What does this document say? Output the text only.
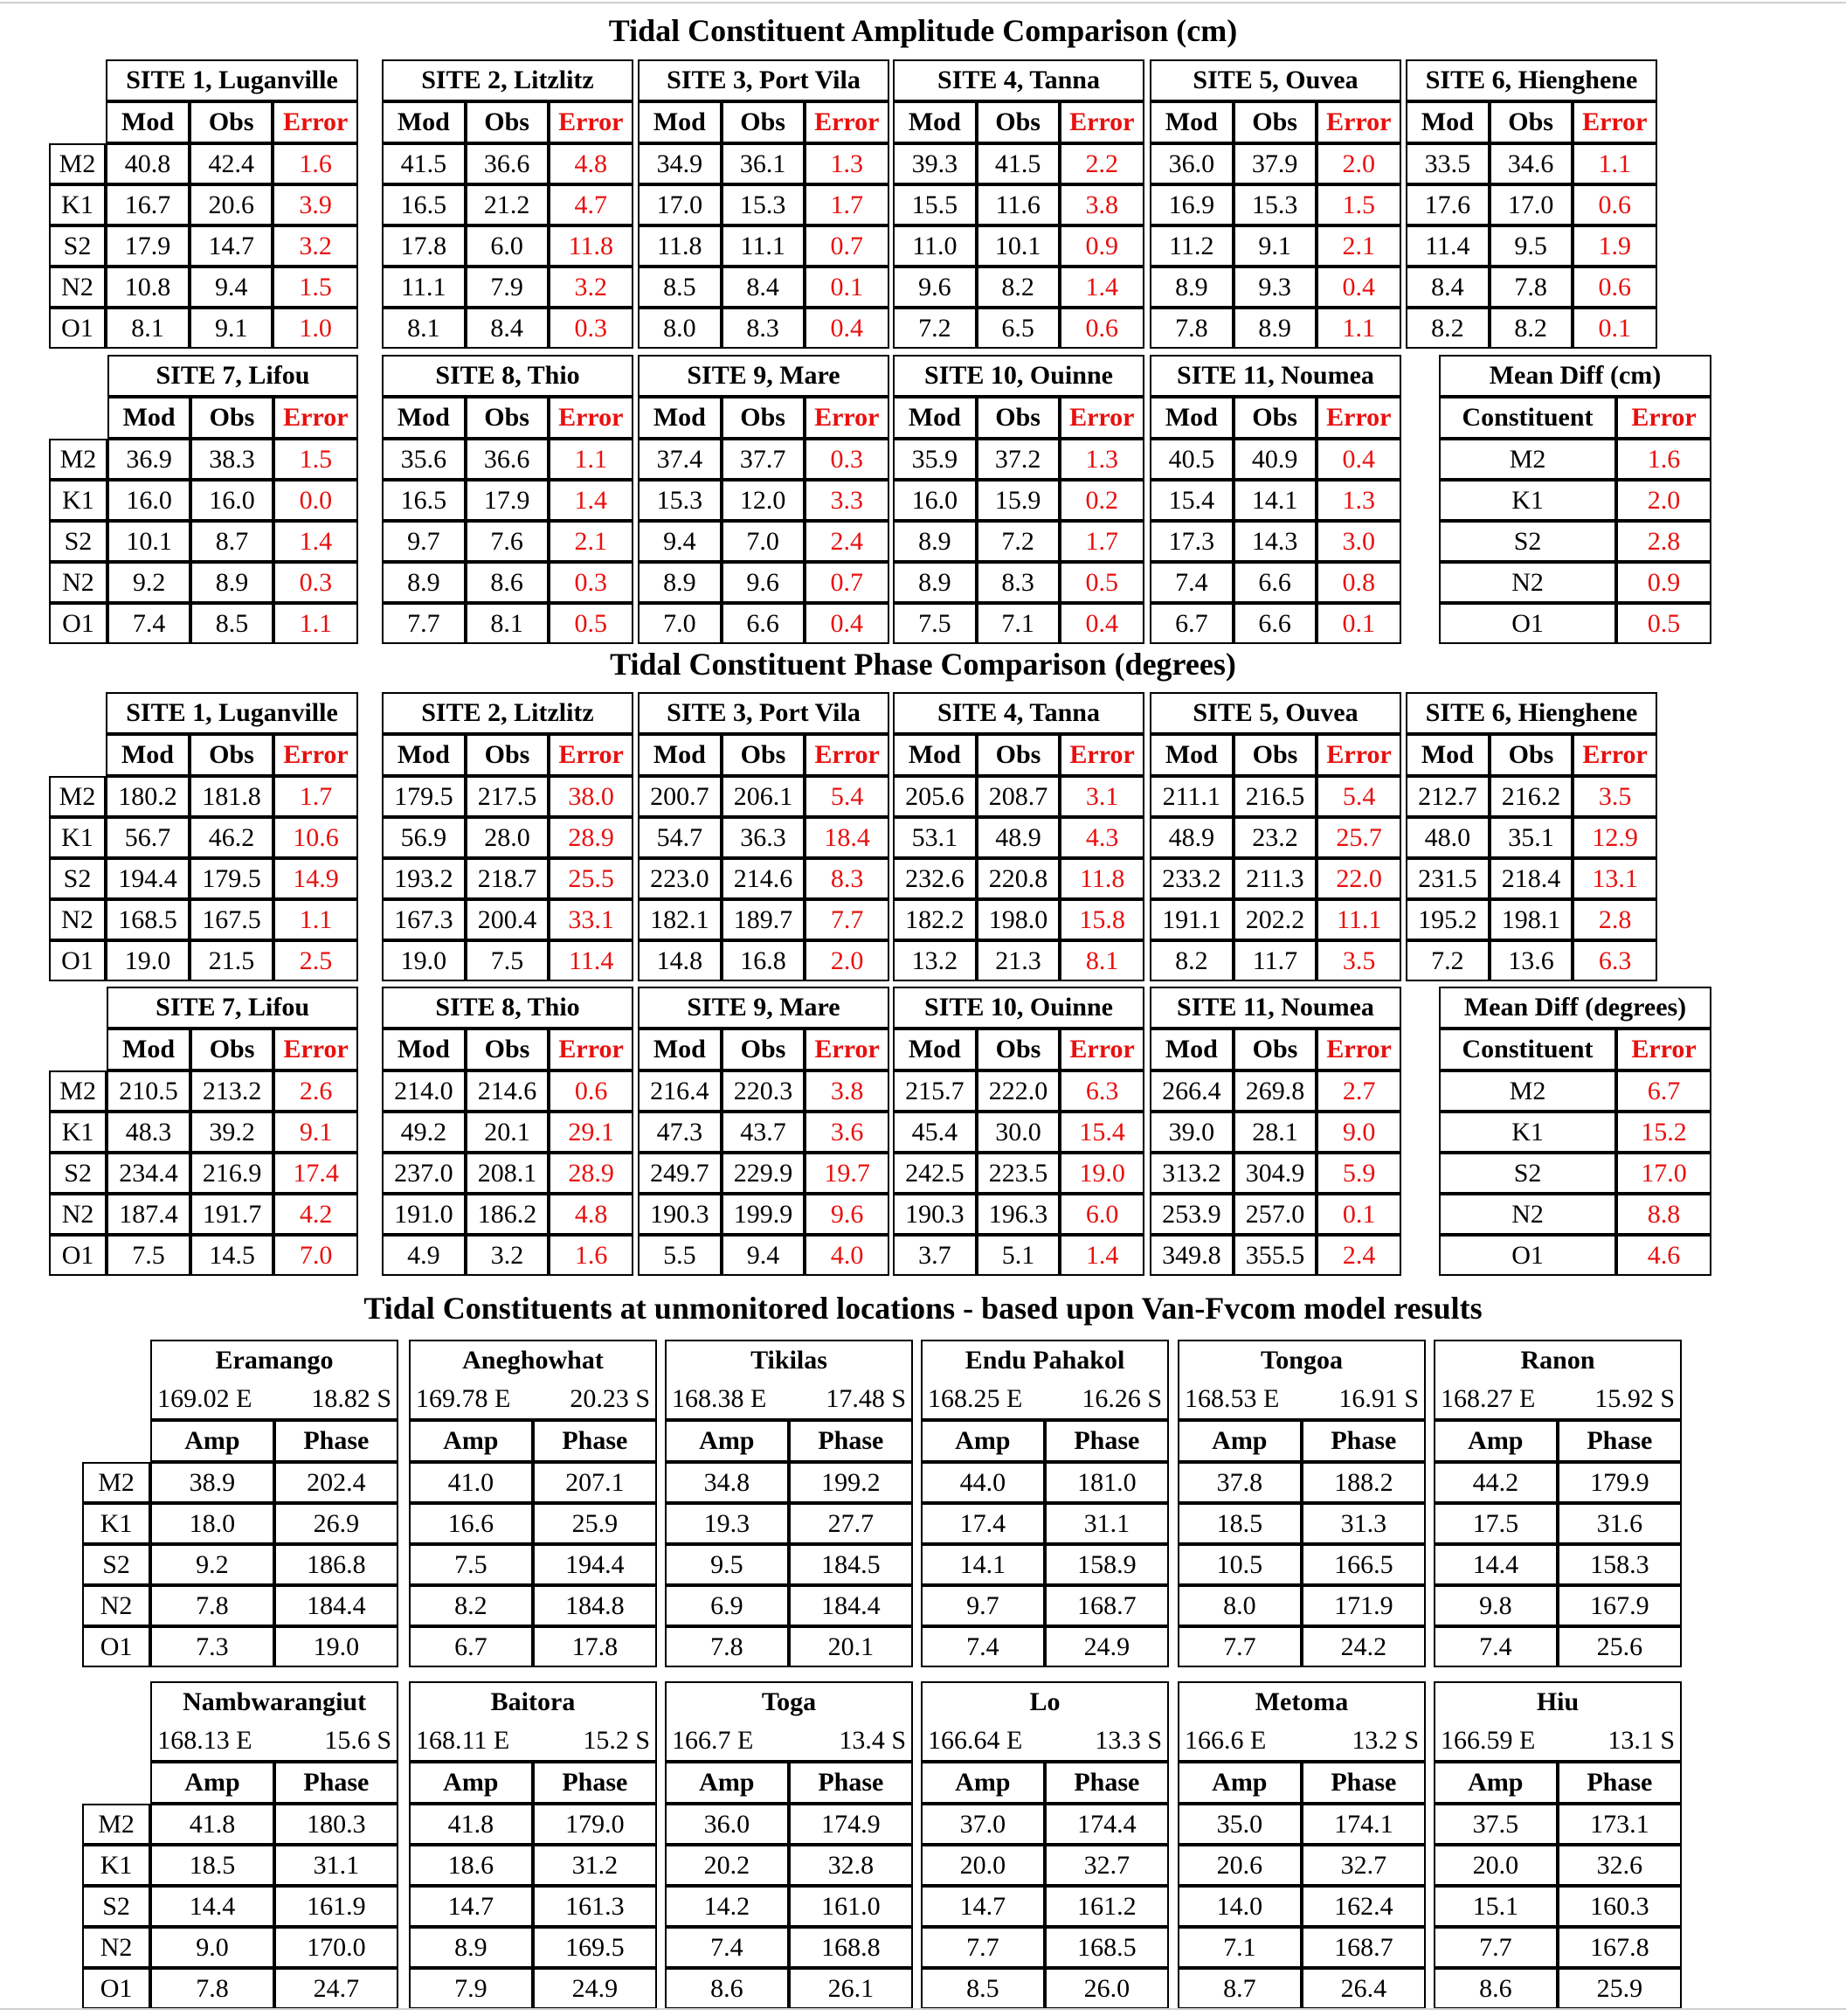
Tidal Constituent Amplitude Comparison (cm)
	SITE 1, Luganville		
	Mod	Obs	Error
M2	40.8	42.4	1.6
K1	16.7	20.6	3.9
S2	17.9	14.7	3.2
N2	10.8	9.4	1.5
O1	8.1	9.1	1.0
SITE 2, Litzlitz		
Mod	Obs	Error
41.5	36.6	4.8
16.5	21.2	4.7
17.8	6.0	11.8
11.1	7.9	3.2
8.1	8.4	0.3
SITE 3, Port Vila		
Mod	Obs	Error
34.9	36.1	1.3
17.0	15.3	1.7
11.8	11.1	0.7
8.5	8.4	0.1
8.0	8.3	0.4
SITE 4, Tanna		
Mod	Obs	Error
39.3	41.5	2.2
15.5	11.6	3.8
11.0	10.1	0.9
9.6	8.2	1.4
7.2	6.5	0.6
SITE 5, Ouvea		
Mod	Obs	Error
36.0	37.9	2.0
16.9	15.3	1.5
11.2	9.1	2.1
8.9	9.3	0.4
7.8	8.9	1.1
SITE 6, Hienghene		
Mod	Obs	Error
33.5	34.6	1.1
17.6	17.0	0.6
11.4	9.5	1.9
8.4	7.8	0.6
8.2	8.2	0.1
	SITE 7, Lifou		
	Mod	Obs	Error
M2	36.9	38.3	1.5
K1	16.0	16.0	0.0
S2	10.1	8.7	1.4
N2	9.2	8.9	0.3
O1	7.4	8.5	1.1
SITE 8, Thio		
Mod	Obs	Error
35.6	36.6	1.1
16.5	17.9	1.4
9.7	7.6	2.1
8.9	8.6	0.3
7.7	8.1	0.5
SITE 9, Mare		
Mod	Obs	Error
37.4	37.7	0.3
15.3	12.0	3.3
9.4	7.0	2.4
8.9	9.6	0.7
7.0	6.6	0.4
SITE 10, Ouinne		
Mod	Obs	Error
35.9	37.2	1.3
16.0	15.9	0.2
8.9	7.2	1.7
8.9	8.3	0.5
7.5	7.1	0.4
SITE 11, Noumea		
Mod	Obs	Error
40.5	40.9	0.4
15.4	14.1	1.3
17.3	14.3	3.0
7.4	6.6	0.8
6.7	6.6	0.1
Mean Diff (cm)	
Constituent	Error
M2	1.6
K1	2.0
S2	2.8
N2	0.9
O1	0.5
Tidal Constituent Phase Comparison (degrees)
	SITE 1, Luganville		
	Mod	Obs	Error
M2	180.2	181.8	1.7
K1	56.7	46.2	10.6
S2	194.4	179.5	14.9
N2	168.5	167.5	1.1
O1	19.0	21.5	2.5
SITE 2, Litzlitz		
Mod	Obs	Error
179.5	217.5	38.0
56.9	28.0	28.9
193.2	218.7	25.5
167.3	200.4	33.1
19.0	7.5	11.4
SITE 3, Port Vila		
Mod	Obs	Error
200.7	206.1	5.4
54.7	36.3	18.4
223.0	214.6	8.3
182.1	189.7	7.7
14.8	16.8	2.0
SITE 4, Tanna		
Mod	Obs	Error
205.6	208.7	3.1
53.1	48.9	4.3
232.6	220.8	11.8
182.2	198.0	15.8
13.2	21.3	8.1
SITE 5, Ouvea		
Mod	Obs	Error
211.1	216.5	5.4
48.9	23.2	25.7
233.2	211.3	22.0
191.1	202.2	11.1
8.2	11.7	3.5
SITE 6, Hienghene		
Mod	Obs	Error
212.7	216.2	3.5
48.0	35.1	12.9
231.5	218.4	13.1
195.2	198.1	2.8
7.2	13.6	6.3
	SITE 7, Lifou		
	Mod	Obs	Error
M2	210.5	213.2	2.6
K1	48.3	39.2	9.1
S2	234.4	216.9	17.4
N2	187.4	191.7	4.2
O1	7.5	14.5	7.0
SITE 8, Thio		
Mod	Obs	Error
214.0	214.6	0.6
49.2	20.1	29.1
237.0	208.1	28.9
191.0	186.2	4.8
4.9	3.2	1.6
SITE 9, Mare		
Mod	Obs	Error
216.4	220.3	3.8
47.3	43.7	3.6
249.7	229.9	19.7
190.3	199.9	9.6
5.5	9.4	4.0
SITE 10, Ouinne		
Mod	Obs	Error
215.7	222.0	6.3
45.4	30.0	15.4
242.5	223.5	19.0
190.3	196.3	6.0
3.7	5.1	1.4
SITE 11, Noumea		
Mod	Obs	Error
266.4	269.8	2.7
39.0	28.1	9.0
313.2	304.9	5.9
253.9	257.0	0.1
349.8	355.5	2.4
Mean Diff (degrees)	
Constituent	Error
M2	6.7
K1	15.2
S2	17.0
N2	8.8
O1	4.6
Tidal Constituents at unmonitored locations - based upon Van-Fvcom model results
	Eramango	

	169.02 E 18.82 S	

	Amp	Phase
M2	38.9	202.4
K1	18.0	26.9
S2	9.2	186.8
N2	7.8	184.4
O1	7.3	19.0
Aneghowhat	

169.78 E 20.23 S	

Amp	Phase
41.0	207.1
16.6	25.9
7.5	194.4
8.2	184.8
6.7	17.8
Tikilas	

168.38 E 17.48 S	

Amp	Phase
34.8	199.2
19.3	27.7
9.5	184.5
6.9	184.4
7.8	20.1
Endu Pahakol	

168.25 E 16.26 S	

Amp	Phase
44.0	181.0
17.4	31.1
14.1	158.9
9.7	168.7
7.4	24.9
Tongoa	

168.53 E 16.91 S	

Amp	Phase
37.8	188.2
18.5	31.3
10.5	166.5
8.0	171.9
7.7	24.2
Ranon	

168.27 E 15.92 S	

Amp	Phase
44.2	179.9
17.5	31.6
14.4	158.3
9.8	167.9
7.4	25.6
	Nambwarangiut	

	168.13 E 15.6 S	

	Amp	Phase
M2	41.8	180.3
K1	18.5	31.1
S2	14.4	161.9
N2	9.0	170.0
O1	7.8	24.7
Baitora	

168.11 E 15.2 S	

Amp	Phase
41.8	179.0
18.6	31.2
14.7	161.3
8.9	169.5
7.9	24.9
Toga	

166.7 E 13.4 S	

Amp	Phase
36.0	174.9
20.2	32.8
14.2	161.0
7.4	168.8
8.6	26.1
Lo	

166.64 E 13.3 S	

Amp	Phase
37.0	174.4
20.0	32.7
14.7	161.2
7.7	168.5
8.5	26.0
Metoma	

166.6 E 13.2 S	

Amp	Phase
35.0	174.1
20.6	32.7
14.0	162.4
7.1	168.7
8.7	26.4
Hiu	

166.59 E 13.1 S	

Amp	Phase
37.5	173.1
20.0	32.6
15.1	160.3
7.7	167.8
8.6	25.9
